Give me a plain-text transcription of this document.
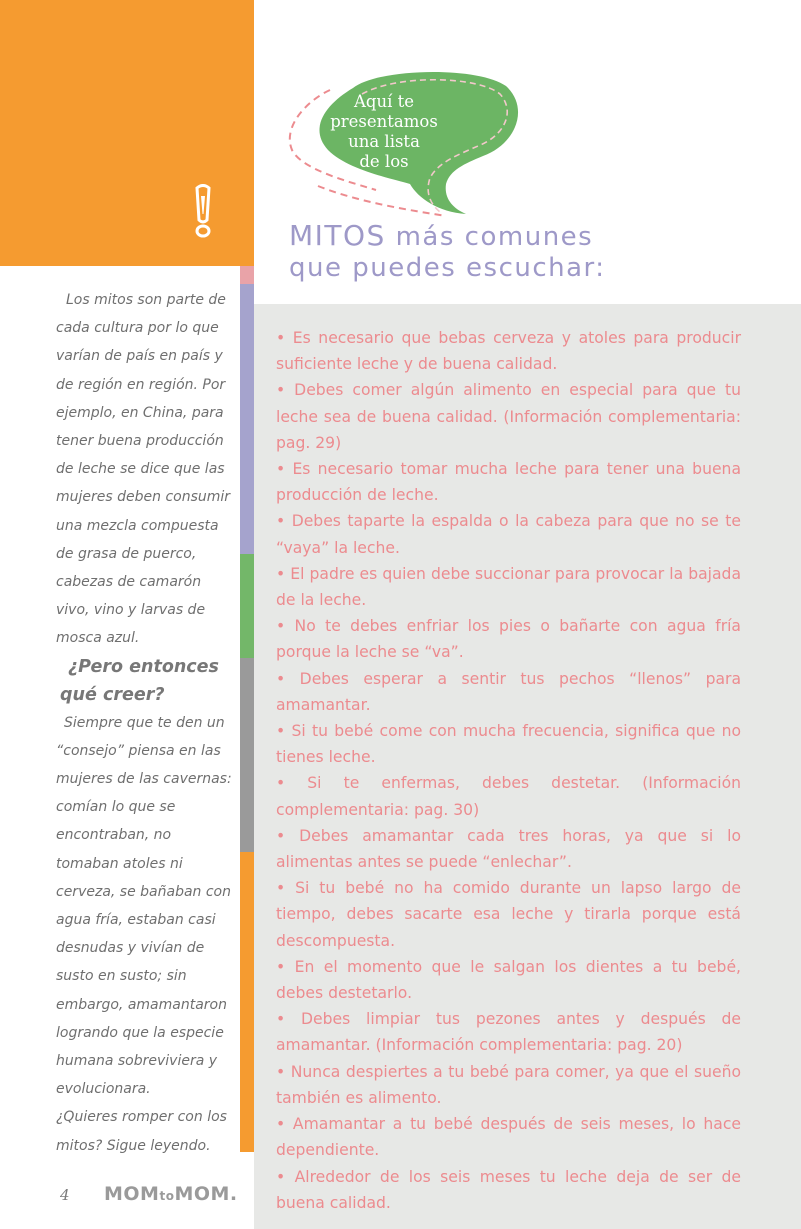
Aquí te
presentamos
una lista
de los
MITOS más comunes
que puedes escuchar:

Los mitos son parte de cada cultura por lo que varían de país en país y de región en región. Por ejemplo, en China, para tener buena producción de leche se dice que las mujeres deben consumir una mezcla compuesta de grasa de puerco, cabezas de camarón vivo, vino y larvas de mosca azul.

¿Pero entonces
qué creer?

Siempre que te den un “consejo” piensa en las mujeres de las cavernas: comían lo que se encontraban, no tomaban atoles ni cerveza, se bañaban con agua fría, estaban casi desnudas y vivían de susto en susto; sin embargo, amamantaron logrando que la especie humana sobreviviera y evolucionara.

¿Quieres romper con los mitos? Sigue leyendo.

• Es necesario que bebas cerveza y atoles para producir suficiente leche y de buena calidad.
• Debes comer algún alimento en especial para que tu leche sea de buena calidad. (Información complementaria: pag. 29)
• Es necesario tomar mucha leche para tener una buena producción de leche.
• Debes taparte la espalda o la cabeza para que no se te “vaya” la leche.
• El padre es quien debe succionar para provocar la bajada de la leche.
• No te debes enfriar los pies o bañarte con agua fría porque la leche se “va”.
• Debes esperar a sentir tus pechos “llenos” para amamantar.
• Si tu bebé come con mucha frecuencia, significa que no tienes leche.
• Si te enfermas, debes destetar. (Información complementaria: pag. 30)
• Debes amamantar cada tres horas, ya que si lo alimentas antes se puede “enlechar”.
• Si tu bebé no ha comido durante un lapso largo de tiempo, debes sacarte esa leche y tirarla porque está descompuesta.
• En el momento que le salgan los dientes a tu bebé, debes destetarlo.
• Debes limpiar tus pezones antes y después de amamantar. (Información complementaria: pag. 20)
• Nunca despiertes a tu bebé para comer, ya que el sueño también es alimento.
• Amamantar a tu bebé después de seis meses, lo hace dependiente.
• Alrededor de los seis meses tu leche deja de ser de buena calidad.
4 MOMtoMOM.
